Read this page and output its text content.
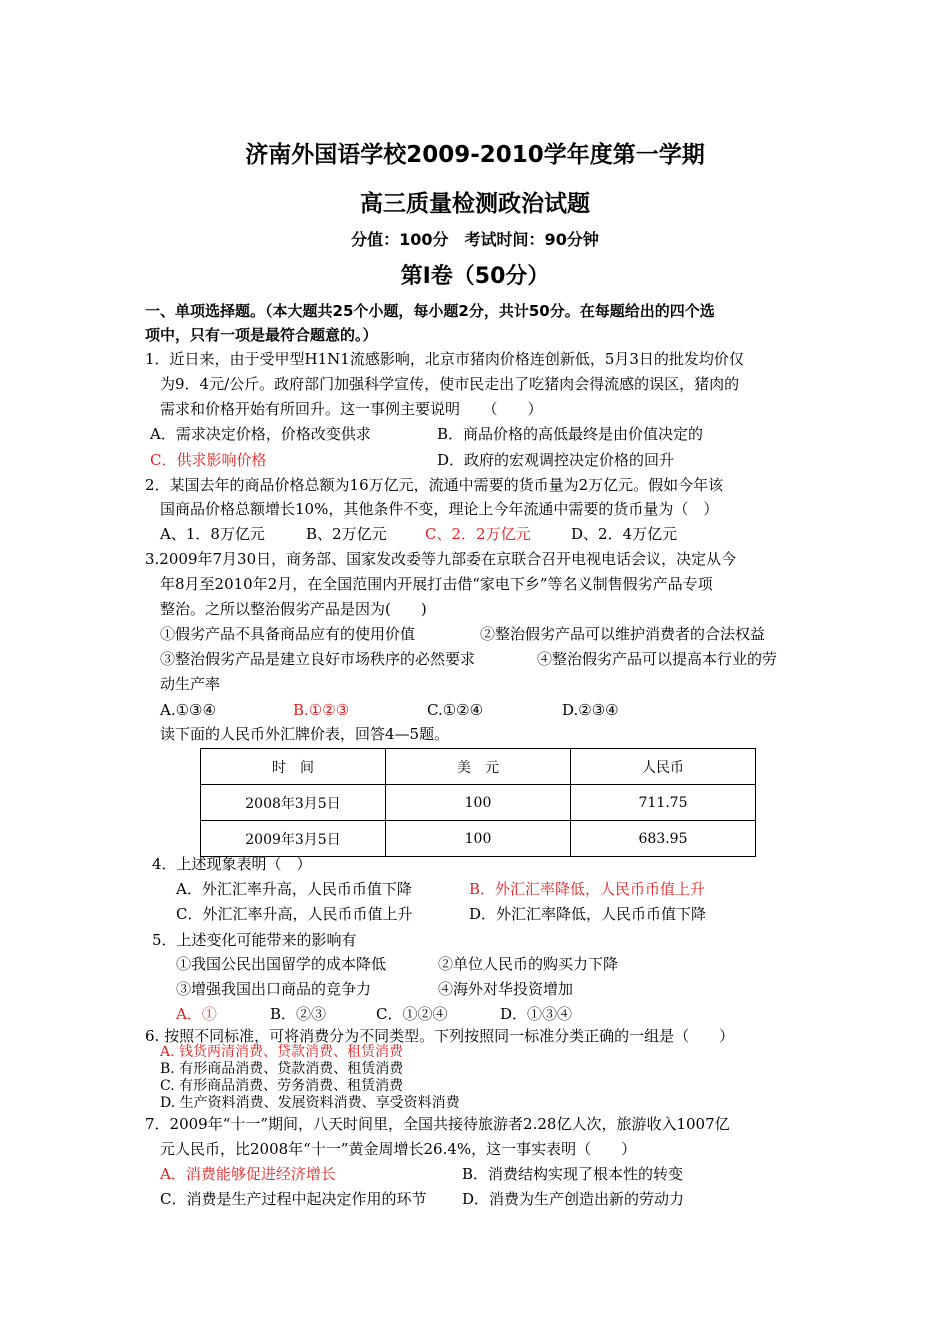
济南外国语学校2009-2010学年度第一学期
高三质量检测政治试题
分值：100分　考试时间：90分钟
第Ⅰ卷（50分）
一、单项选择题。（本大题共25个小题，每小题2分，共计50分。在每题给出的四个选
项中，只有一项是最符合题意的。）
1．近日来，由于受甲型H1N1流感影响，北京市猪肉价格连创新低，5月3日的批发均价仅
为9．4元/公斤。政府部门加强科学宣传，使市民走出了吃猪肉会得流感的误区，猪肉的
需求和价格开始有所回升。这一事例主要说明　　（　　）
A．需求决定价格，价格改变供求	B．商品价格的高低最终是由价值决定的
C．供求影响价格	D．政府的宏观调控决定价格的回升
2．某国去年的商品价格总额为16万亿元，流通中需要的货币量为2万亿元。假如今年该
国商品价格总额增长10%，其他条件不变，理论上今年流通中需要的货币量为（　）
A、1．8万亿元	B、2万亿元	C、2．2万亿元	D、2．4万亿元
3.2009年7月30日，商务部、国家发改委等九部委在京联合召开电视电话会议，决定从今
年8月至2010年2月，在全国范围内开展打击借“家电下乡”等名义制售假劣产品专项
整治。之所以整治假劣产品是因为(　　)
①假劣产品不具备商品应有的使用价值	②整治假劣产品可以维护消费者的合法权益
③整治假劣产品是建立良好市场秩序的必然要求	④整治假劣产品可以提高本行业的劳
动生产率
A.①③④	B.①②③	C.①②④	D.②③④
读下面的人民币外汇牌价表，回答4—5题。
时　间	美　元	人民币
2008年3月5日	100	711.75
2009年3月5日	100	683.95
4．上述现象表明（　）
A．外汇汇率升高，人民币币值下降	B．外汇汇率降低，人民币币值上升
C．外汇汇率升高，人民币币值上升	D．外汇汇率降低，人民币币值下降
5．上述变化可能带来的影响有
①我国公民出国留学的成本降低	②单位人民币的购买力下降
③增强我国出口商品的竞争力	④海外对华投资增加
A．①	B．②③	C．①②④	D．①③④
6. 按照不同标准，可将消费分为不同类型。下列按照同一标准分类正确的一组是（　　）
A. 钱货两清消费、贷款消费、租赁消费
B. 有形商品消费、贷款消费、租赁消费
C. 有形商品消费、劳务消费、租赁消费
D. 生产资料消费、发展资料消费、享受资料消费
7．2009年“十一”期间，八天时间里，全国共接待旅游者2.28亿人次，旅游收入1007亿
元人民币，比2008年“十一”黄金周增长26.4%，这一事实表明（　　）
A．消费能够促进经济增长	B．消费结构实现了根本性的转变
C．消费是生产过程中起决定作用的环节 D．消费为生产创造出新的劳动力
